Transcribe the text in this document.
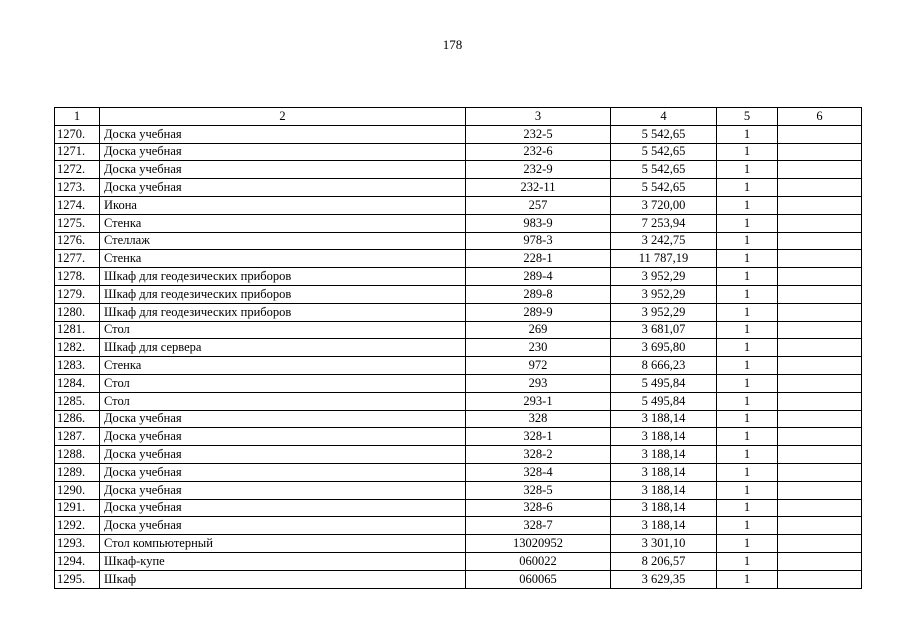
178
1	2	3	4	5	6
1270.	Доска учебная	232-5	5 542,65	1	
1271.	Доска учебная	232-6	5 542,65	1	
1272.	Доска учебная	232-9	5 542,65	1	
1273.	Доска учебная	232-11	5 542,65	1	
1274.	Икона	257	3 720,00	1	
1275.	Стенка	983-9	7 253,94	1	
1276.	Стеллаж	978-3	3 242,75	1	
1277.	Стенка	228-1	11 787,19	1	
1278.	Шкаф для геодезических приборов	289-4	3 952,29	1	
1279.	Шкаф для геодезических приборов	289-8	3 952,29	1	
1280.	Шкаф для геодезических приборов	289-9	3 952,29	1	
1281.	Стол	269	3 681,07	1	
1282.	Шкаф для сервера	230	3 695,80	1	
1283.	Стенка	972	8 666,23	1	
1284.	Стол	293	5 495,84	1	
1285.	Стол	293-1	5 495,84	1	
1286.	Доска учебная	328	3 188,14	1	
1287.	Доска учебная	328-1	3 188,14	1	
1288.	Доска учебная	328-2	3 188,14	1	
1289.	Доска учебная	328-4	3 188,14	1	
1290.	Доска учебная	328-5	3 188,14	1	
1291.	Доска учебная	328-6	3 188,14	1	
1292.	Доска учебная	328-7	3 188,14	1	
1293.	Стол компьютерный	13020952	3 301,10	1	
1294.	Шкаф-купе	060022	8 206,57	1	
1295.	Шкаф	060065	3 629,35	1	
